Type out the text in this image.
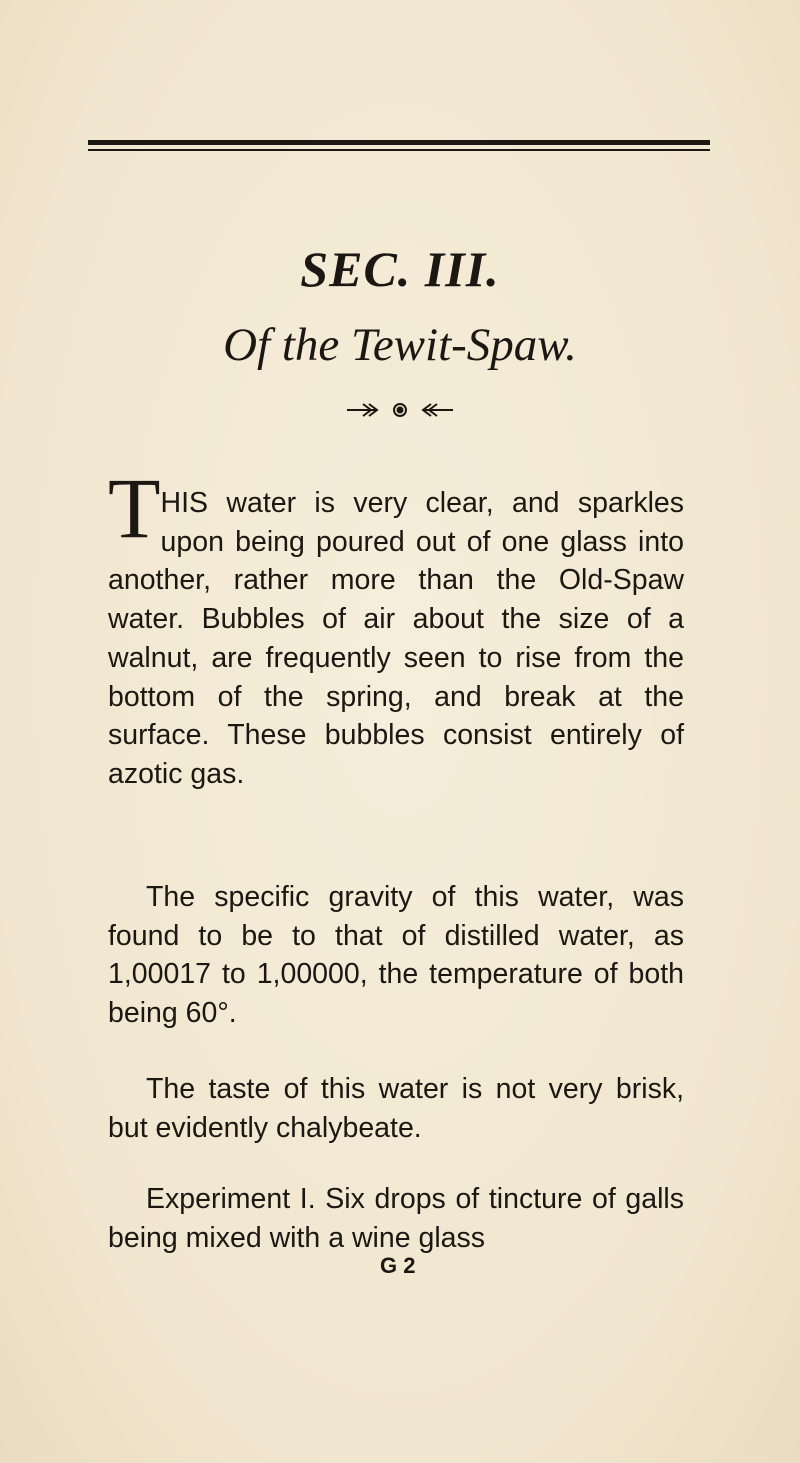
SEC. III.
Of the Tewit-Spaw.
THIS water is very clear, and sparkles upon being poured out of one glass into another, rather more than the Old-Spaw water. Bubbles of air about the size of a walnut, are frequently seen to rise from the bottom of the spring, and break at the surface. These bubbles consist entirely of azotic gas.
The specific gravity of this water, was found to be to that of distilled water, as 1,00017 to 1,00000, the temperature of both being 60°.
The taste of this water is not very brisk, but evidently chalybeate.
Experiment I. Six drops of tincture of galls being mixed with a wine glass
G 2
